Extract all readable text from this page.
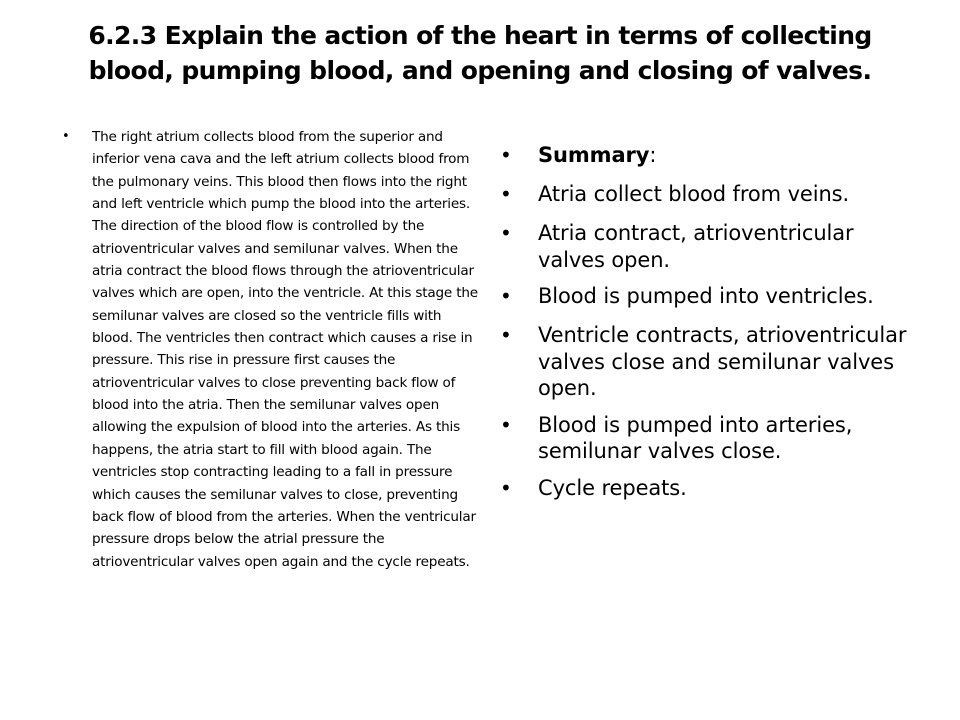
6.2.3 Explain the action of the heart in terms of collecting blood, pumping blood, and opening and closing of valves.
•	The right atrium collects blood from the superior and inferior vena cava and the left atrium collects blood from the pulmonary veins. This blood then flows into the right and left ventricle which pump the blood into the arteries. The direction of the blood flow is controlled by the atrioventricular valves and semilunar valves. When the atria contract the blood flows through the atrioventricular valves which are open, into the ventricle. At this stage the semilunar valves are closed so the ventricle fills with blood. The ventricles then contract which causes a rise in pressure. This rise in pressure first causes the atrioventricular valves to close preventing back flow of blood into the atria. Then the semilunar valves open allowing the expulsion of blood into the arteries. As this happens, the atria start to fill with blood again. The ventricles stop contracting leading to a fall in pressure which causes the semilunar valves to close, preventing back flow of blood from the arteries. When the ventricular pressure drops below the atrial pressure the atrioventricular valves open again and the cycle repeats.
•	Summary:
•	Atria collect blood from veins.
•	Atria contract, atrioventricular valves open.
•	Blood is pumped into ventricles.
•	Ventricle contracts, atrioventricular valves close and semilunar valves open.
•	Blood is pumped into arteries, semilunar valves close.
•	Cycle repeats.
